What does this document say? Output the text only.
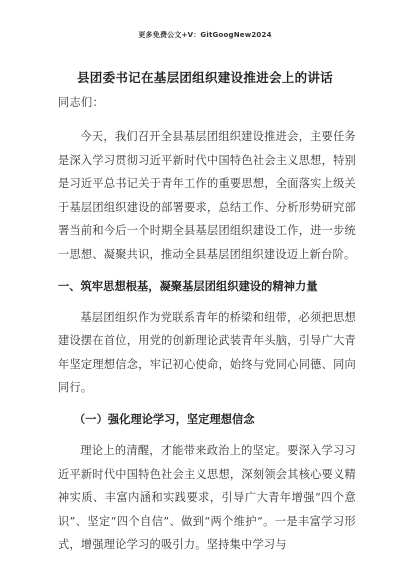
更多免费公文+V：GitGoogNew2024
县团委书记在基层团组织建设推进会上的讲话
同志们：

今天，我们召开全县基层团组织建设推进会，主要任务是深入学习贯彻习近平新时代中国特色社会主义思想，特别是习近平总书记关于青年工作的重要思想，全面落实上级关于基层团组织建设的部署要求，总结工作、分析形势研究部署当前和今后一个时期全县基层团组织建设工作，进一步统一思想、凝聚共识，推动全县基层团组织建设迈上新台阶。

一、筑牢思想根基，凝聚基层团组织建设的精神力量

基层团组织作为党联系青年的桥梁和纽带，必须把思想建设摆在首位，用党的创新理论武装青年头脑，引导广大青年坚定理想信念，牢记初心使命，始终与党同心同德、同向同行。

（一）强化理论学习，坚定理想信念

理论上的清醒，才能带来政治上的坚定。要深入学习习近平新时代中国特色社会主义思想，深刻领会其核心要义精神实质、丰富内涵和实践要求，引导广大青年增强“四个意识”、坚定“四个自信”、做到“两个维护”。一是丰富学习形式，增强理论学习的吸引力。坚持集中学习与
